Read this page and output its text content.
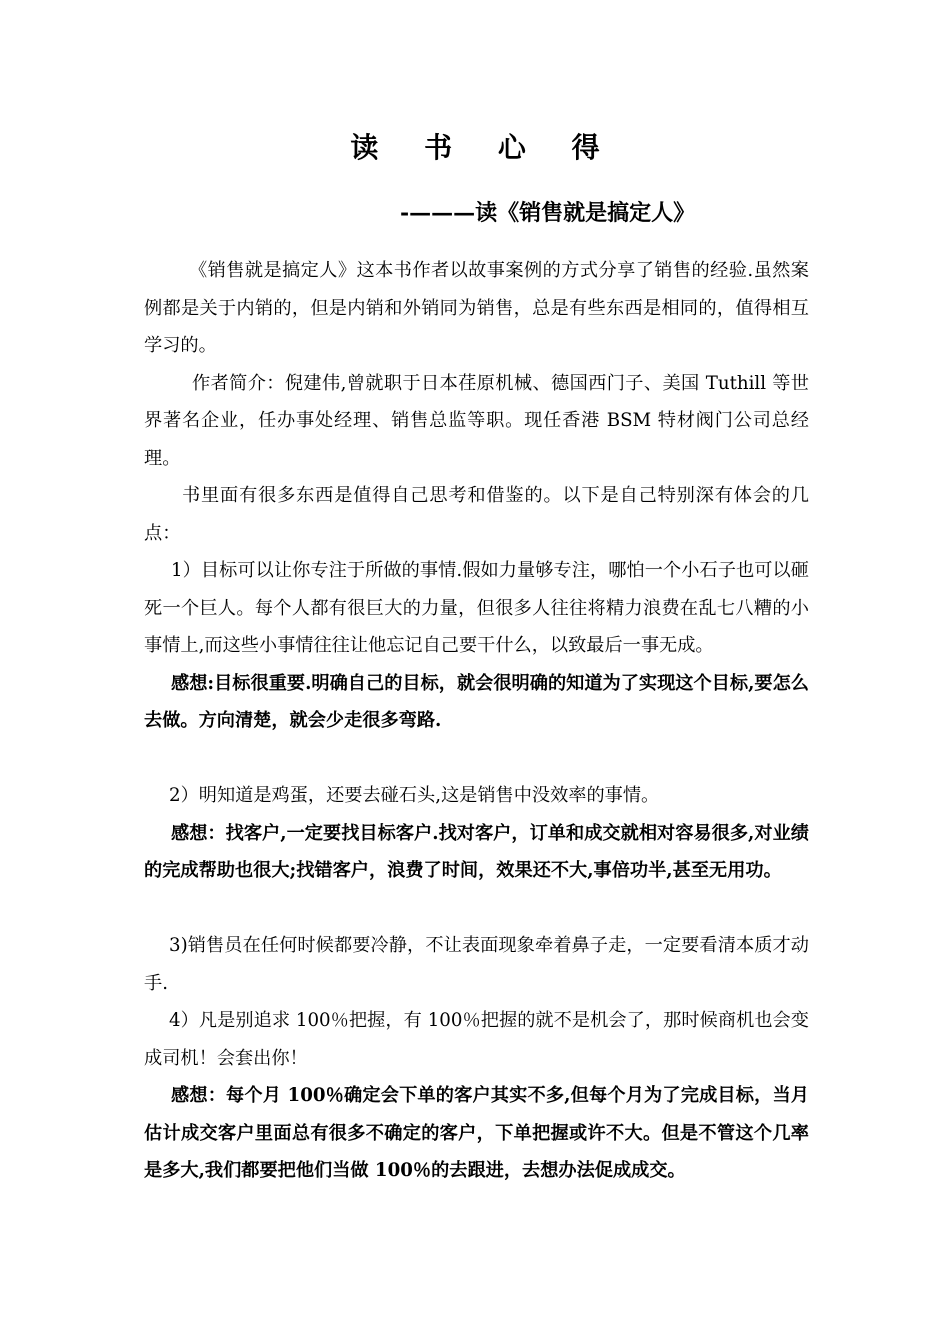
读 书 心 得
-———读《销售就是搞定人》

《销售就是搞定人》这本书作者以故事案例的方式分享了销售的经验.虽然案例都是关于内销的，但是内销和外销同为销售，总是有些东西是相同的，值得相互学习的。

作者简介：倪建伟,曾就职于日本荏原机械、德国西门子、美国 Tuthill 等世界著名企业，任办事处经理、销售总监等职。现任香港 BSM 特材阀门公司总经理。

书里面有很多东西是值得自己思考和借鉴的。以下是自己特别深有体会的几点：

1）目标可以让你专注于所做的事情.假如力量够专注，哪怕一个小石子也可以砸死一个巨人。每个人都有很巨大的力量，但很多人往往将精力浪费在乱七八糟的小事情上,而这些小事情往往让他忘记自己要干什么，以致最后一事无成。

感想:目标很重要.明确自己的目标，就会很明确的知道为了实现这个目标,要怎么去做。方向清楚，就会少走很多弯路.

2）明知道是鸡蛋，还要去碰石头,这是销售中没效率的事情。

感想：找客户,一定要找目标客户.找对客户，订单和成交就相对容易很多,对业绩的完成帮助也很大;找错客户，浪费了时间，效果还不大,事倍功半,甚至无用功。

3)销售员在任何时候都要冷静，不让表面现象牵着鼻子走，一定要看清本质才动手.

4）凡是别追求 100％把握，有 100％把握的就不是机会了，那时候商机也会变成司机！会套出你！

感想：每个月 100％确定会下单的客户其实不多,但每个月为了完成目标，当月估计成交客户里面总有很多不确定的客户，下单把握或许不大。但是不管这个几率是多大,我们都要把他们当做 100％的去跟进，去想办法促成成交。
